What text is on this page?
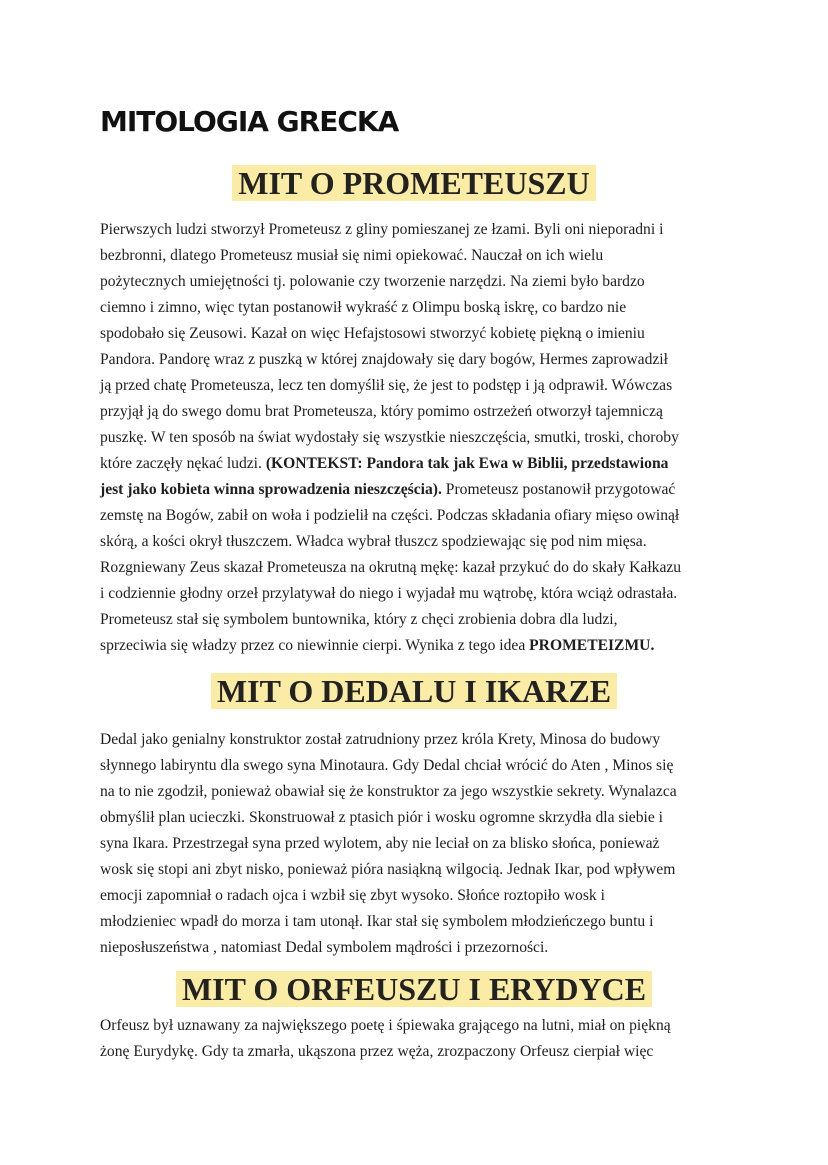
MITOLOGIA GRECKA
MIT O PROMETEUSZU
Pierwszych ludzi stworzył Prometeusz z gliny pomieszanej ze łzami. Byli oni nieporadni i
bezbronni, dlatego Prometeusz musiał się nimi opiekować. Nauczał on ich wielu
pożytecznych umiejętności tj. polowanie czy tworzenie narzędzi. Na ziemi było bardzo
ciemno i zimno, więc tytan postanowił wykraść z Olimpu boską iskrę, co bardzo nie
spodobało się Zeusowi. Kazał on więc Hefajstosowi stworzyć kobietę piękną o imieniu
Pandora. Pandorę wraz z puszką w której znajdowały się dary bogów, Hermes zaprowadził
ją przed chatę Prometeusza, lecz ten domyślił się, że jest to podstęp i ją odprawił. Wówczas
przyjął ją do swego domu brat Prometeusza, który pomimo ostrzeżeń otworzył tajemniczą
puszkę. W ten sposób na świat wydostały się wszystkie nieszczęścia, smutki, troski, choroby
które zaczęły nękać ludzi. (KONTEKST: Pandora tak jak Ewa w Biblii, przedstawiona
jest jako kobieta winna sprowadzenia nieszczęścia). Prometeusz postanowił przygotować
zemstę na Bogów, zabił on woła i podzielił na części. Podczas składania ofiary mięso owinął
skórą, a kości okrył tłuszczem. Władca wybrał tłuszcz spodziewając się pod nim mięsa.
Rozgniewany Zeus skazał Prometeusza na okrutną mękę: kazał przykuć do do skały Kałkazu
i codziennie głodny orzeł przylatywał do niego i wyjadał mu wątrobę, która wciąż odrastała.
Prometeusz stał się symbolem buntownika, który z chęci zrobienia dobra dla ludzi,
sprzeciwia się władzy przez co niewinnie cierpi. Wynika z tego idea PROMETEIZMU.
MIT O DEDALU I IKARZE
Dedal jako genialny konstruktor został zatrudniony przez króla Krety, Minosa do budowy
słynnego labiryntu dla swego syna Minotaura. Gdy Dedal chciał wrócić do Aten , Minos się
na to nie zgodził, ponieważ obawiał się że konstruktor za jego wszystkie sekrety. Wynalazca
obmyślił plan ucieczki. Skonstruował z ptasich piór i wosku ogromne skrzydła dla siebie i
syna Ikara. Przestrzegał syna przed wylotem, aby nie leciał on za blisko słońca, ponieważ
wosk się stopi ani zbyt nisko, ponieważ pióra nasiąkną wilgocią. Jednak Ikar, pod wpływem
emocji zapomniał o radach ojca i wzbił się zbyt wysoko. Słońce roztopiło wosk i
młodzieniec wpadł do morza i tam utonął. Ikar stał się symbolem młodzieńczego buntu i
nieposłuszeństwa , natomiast Dedal symbolem mądrości i przezorności.
MIT O ORFEUSZU I ERYDYCE
Orfeusz był uznawany za największego poetę i śpiewaka grającego na lutni, miał on piękną
żonę Eurydykę. Gdy ta zmarła, ukąszona przez węża, zrozpaczony Orfeusz cierpiał więc
